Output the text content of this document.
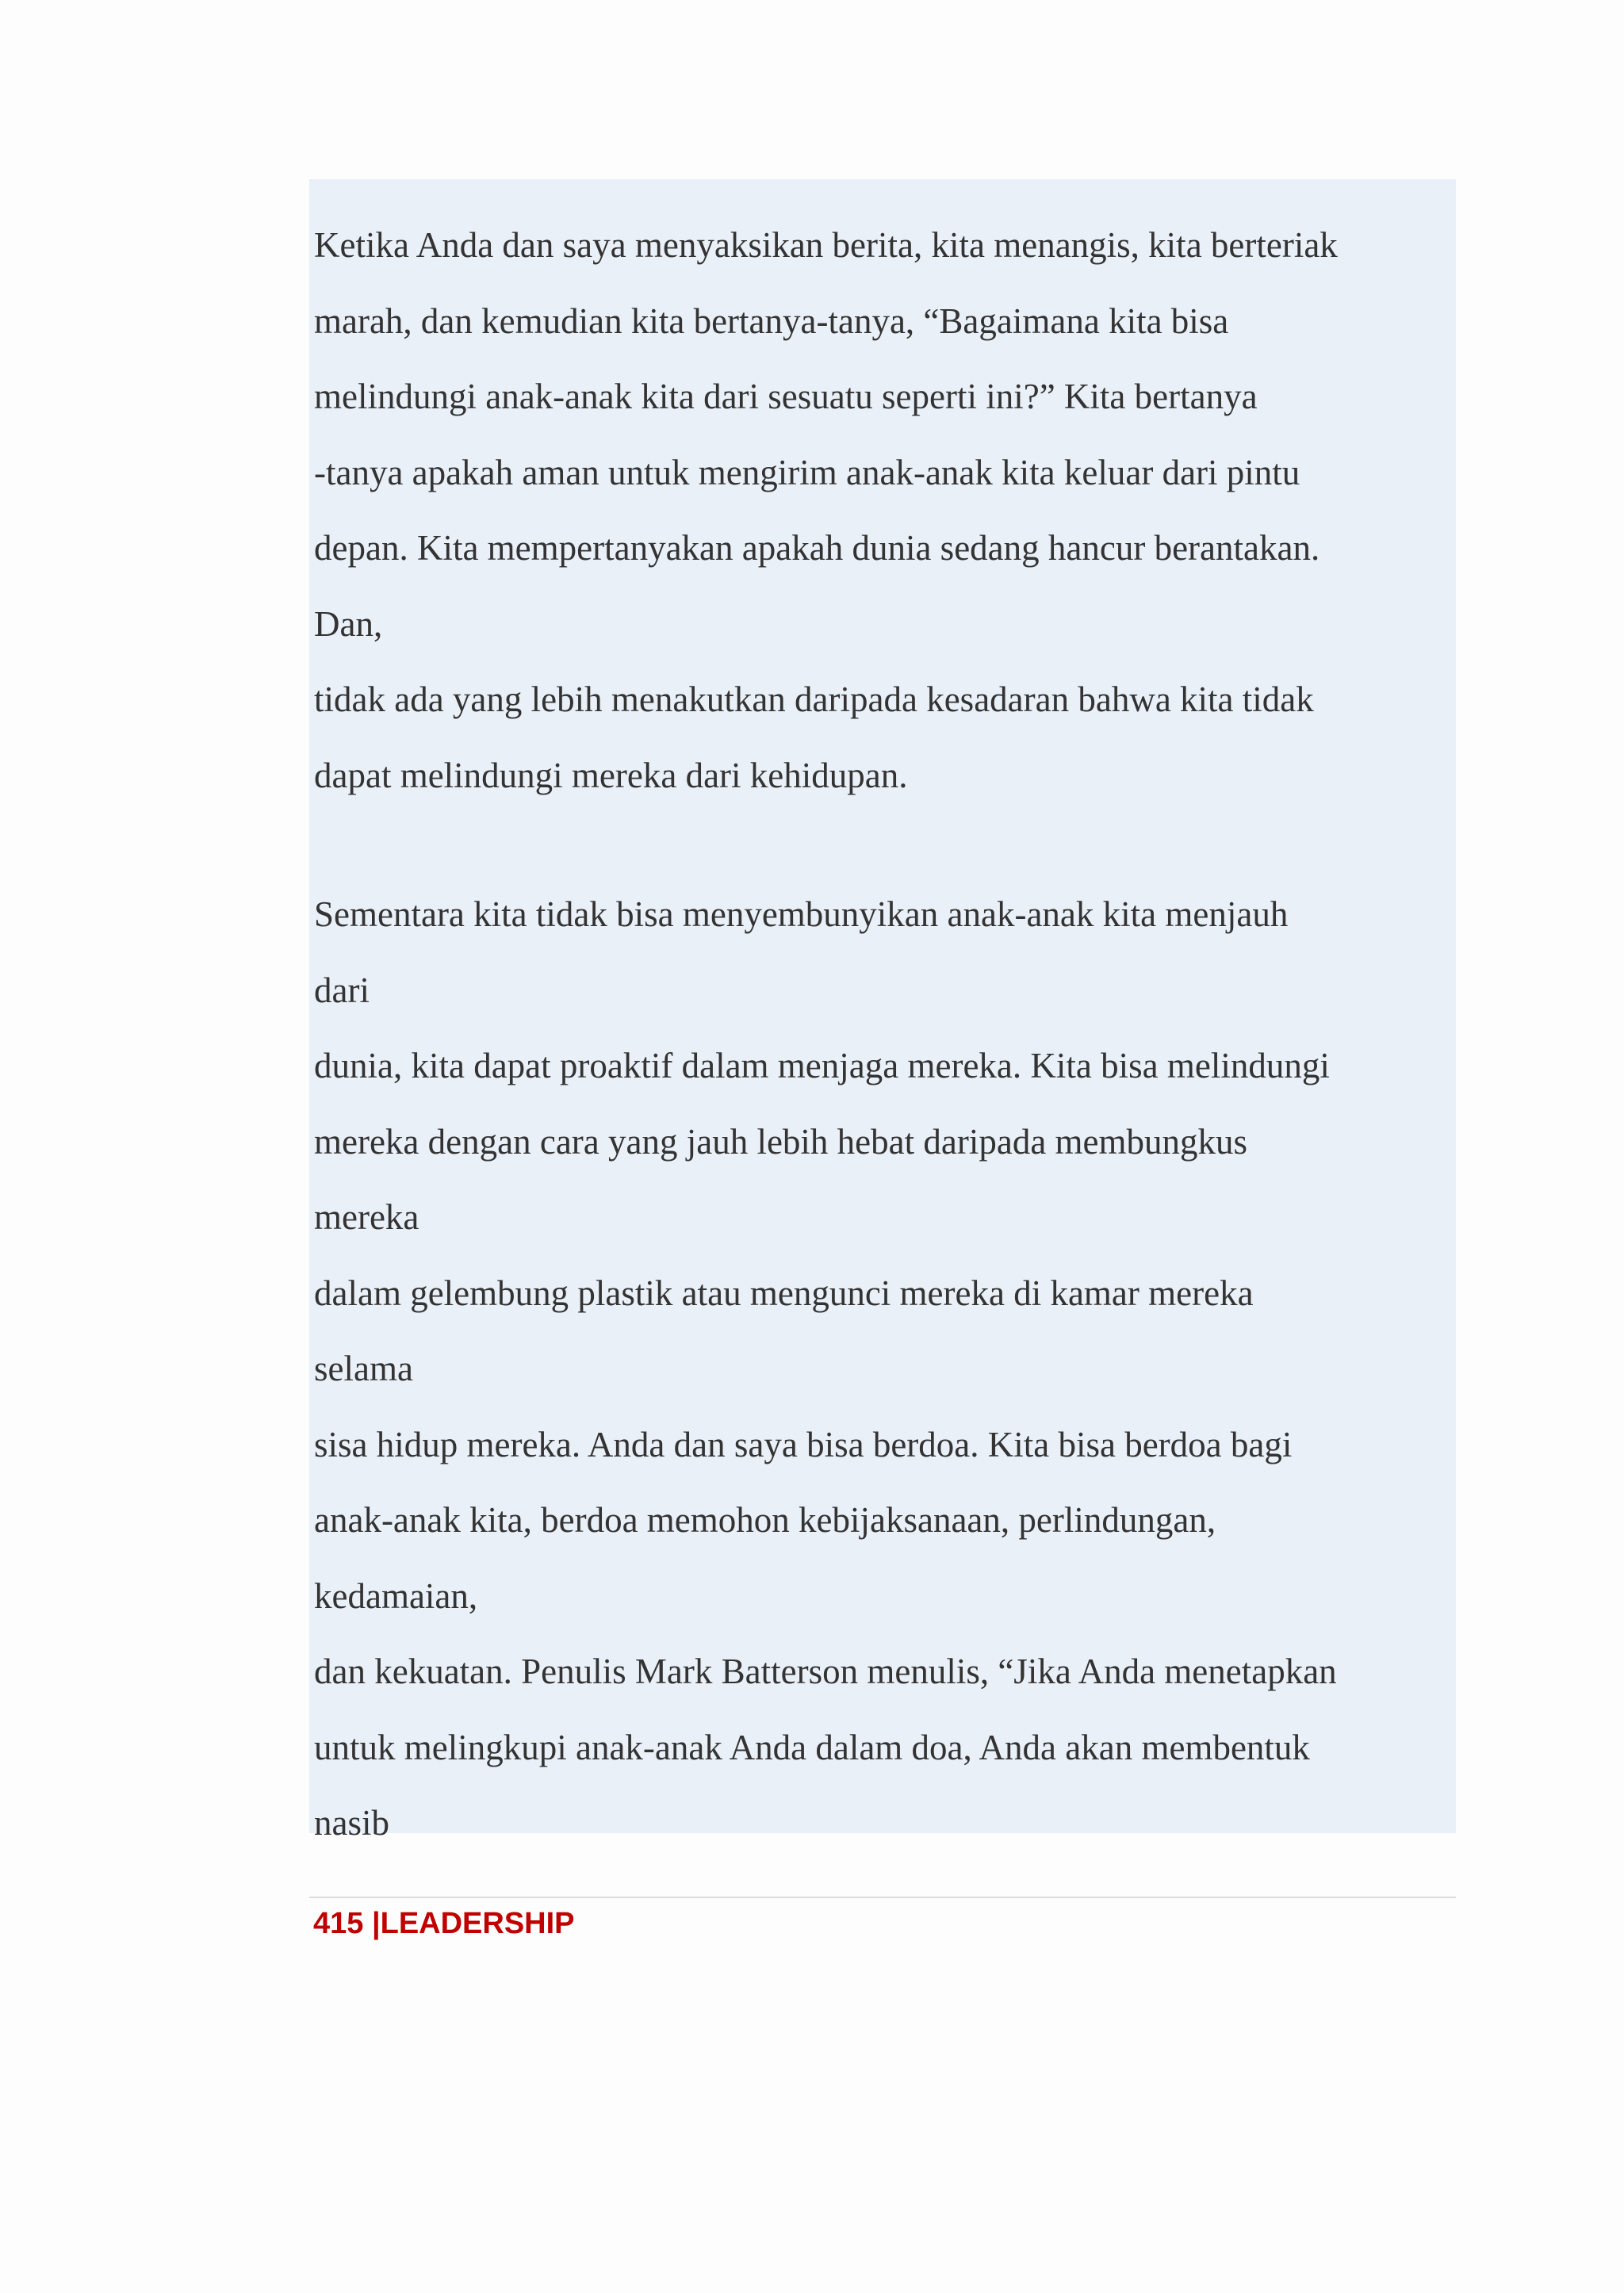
Ketika Anda dan saya menyaksikan berita, kita menangis, kita berteriak

marah, dan kemudian kita bertanya-tanya, “Bagaimana kita bisa

melindungi anak-anak kita dari sesuatu seperti ini?” Kita bertanya

-tanya apakah aman untuk mengirim anak-anak kita keluar dari pintu

depan. Kita mempertanyakan apakah dunia sedang hancur berantakan.

Dan,

tidak ada yang lebih menakutkan daripada kesadaran bahwa kita tidak

dapat melindungi mereka dari kehidupan.

Sementara kita tidak bisa menyembunyikan anak-anak kita menjauh

dari

dunia, kita dapat proaktif dalam menjaga mereka. Kita bisa melindungi

mereka dengan cara yang jauh lebih hebat daripada membungkus

mereka

dalam gelembung plastik atau mengunci mereka di kamar mereka

selama

sisa hidup mereka. Anda dan saya bisa berdoa. Kita bisa berdoa bagi

anak-anak kita, berdoa memohon kebijaksanaan, perlindungan,

kedamaian,

dan kekuatan. Penulis Mark Batterson menulis, “Jika Anda menetapkan

untuk melingkupi anak-anak Anda dalam doa, Anda akan membentuk

nasib

415 |LEADERSHIP
